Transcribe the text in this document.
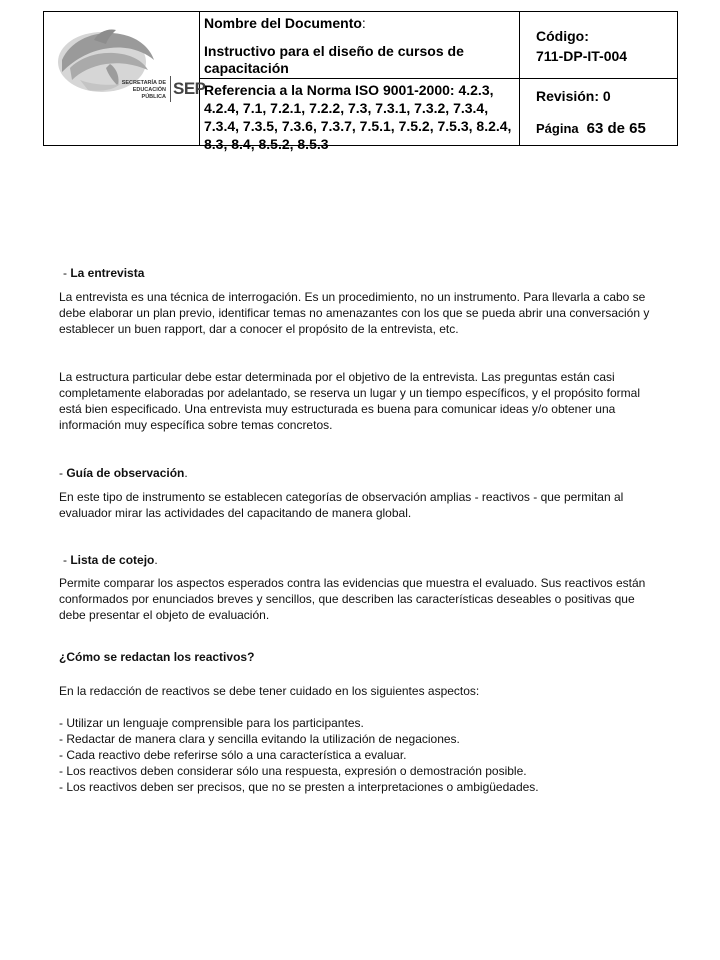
SECRETARÍA DE
EDUCACIÓN
PÚBLICA SEP
Nombre del Documento:
Instructivo para el diseño de cursos de capacitación
Referencia a la Norma ISO 9001-2000: 4.2.3, 4.2.4, 7.1, 7.2.1, 7.2.2, 7.3, 7.3.1, 7.3.2, 7.3.4, 7.3.4, 7.3.5, 7.3.6, 7.3.7, 7.5.1, 7.5.2, 7.5.3, 8.2.4, 8.3, 8.4, 8.5.2, 8.5.3
Código:
711-DP-IT-004
Revisión: 0
Página 63 de 65
- La entrevista

La entrevista es una técnica de interrogación. Es un procedimiento, no un instrumento. Para llevarla a cabo se debe elaborar un plan previo, identificar temas no amenazantes con los que se pueda abrir una conversación y establecer un buen rapport, dar a conocer el propósito de la entrevista, etc.

La estructura particular debe estar determinada por el objetivo de la entrevista. Las preguntas están casi completamente elaboradas por adelantado, se reserva un lugar y un tiempo específicos, y el propósito formal está bien especificado. Una entrevista muy estructurada es buena para comunicar ideas y/o obtener una información muy específica sobre temas concretos.

- Guía de observación.

En este tipo de instrumento se establecen categorías de observación amplias - reactivos - que permitan al evaluador mirar las actividades del capacitando de manera global.

- Lista de cotejo.

Permite comparar los aspectos esperados contra las evidencias que muestra el evaluado. Sus reactivos están conformados por enunciados breves y sencillos, que describen las características deseables o positivas que debe presentar el objeto de evaluación.

¿Cómo se redactan los reactivos?

En la redacción de reactivos se debe tener cuidado en los siguientes aspectos:

- Utilizar un lenguaje comprensible para los participantes.
- Redactar de manera clara y sencilla evitando la utilización de negaciones.
- Cada reactivo debe referirse sólo a una característica a evaluar.
- Los reactivos deben considerar sólo una respuesta, expresión o demostración posible.
- Los reactivos deben ser precisos, que no se presten a interpretaciones o ambigüedades.
